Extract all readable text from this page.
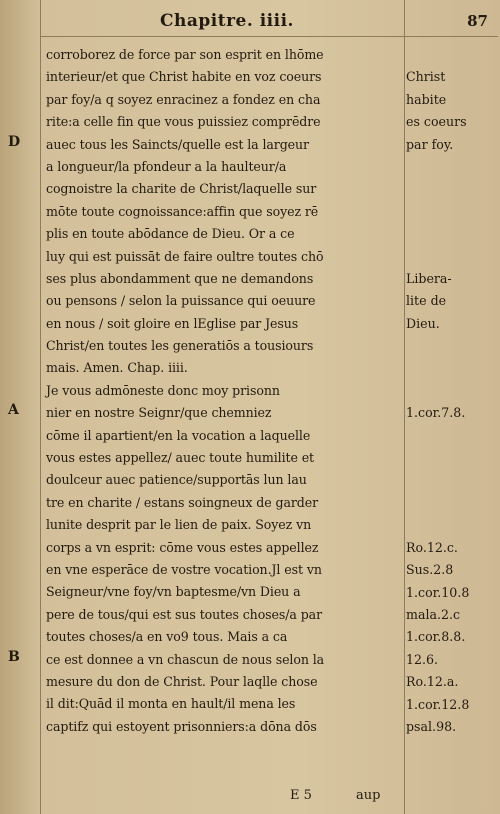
Chapitre. iiii.	87
corroborez de force par son esprit en lhōme
interieur/et que Christ habite en voz coeurs
par foy/a q soyez enracinez a fondez en cha
rite:a celle fin que vous puissiez comprēdre
auec tous les Saincts/quelle est la largeur
a longueur/la pfondeur a la haulteur/a
cognoistre la charite de Christ/laquelle sur
mōte toute cognoissance:affin que soyez rē
plis en toute abōdance de Dieu. Or a ce
luy qui est puissāt de faire oultre toutes chō
ses plus abondamment que ne demandons
ou pensons / selon la puissance qui oeuure
en nous / soit gloire en lEglise par Jesus
Christ/en toutes les generatiōs a tousiours
mais. Amen. Chap. iiii.
Je vous admōneste donc moy prisonn
nier en nostre Seignr/que chemniez
cōme il apartient/en la vocation a laquelle
vous estes appellez/ auec toute humilite et
doulceur auec patience/supportās lun lau
tre en charite / estans soingneux de garder
lunite desprit par le lien de paix. Soyez vn
corps a vn esprit: cōme vous estes appellez
en vne esperāce de vostre vocation.Jl est vn
Seigneur/vne foy/vn baptesme/vn Dieu a
pere de tous/qui est sus toutes choses/a par
toutes choses/a en vo9 tous. Mais a ca
ce est donnee a vn chascun de nous selon la
mesure du don de Christ. Pour laqlle chose
il dit:Quād il monta en hault/il mena les
captifz qui estoyent prisonniers:a dōna dōs
Christ
habite
es coeurs
par foy.
Libera-
lite de
Dieu.
1.cor.7.8.
Ro.12.c.
Sus.2.8
1.cor.10.8
mala.2.c
1.cor.8.8.
12.6.
Ro.12.a.
1.cor.12.8
psal.98.
D
A
B
E 5	aup
